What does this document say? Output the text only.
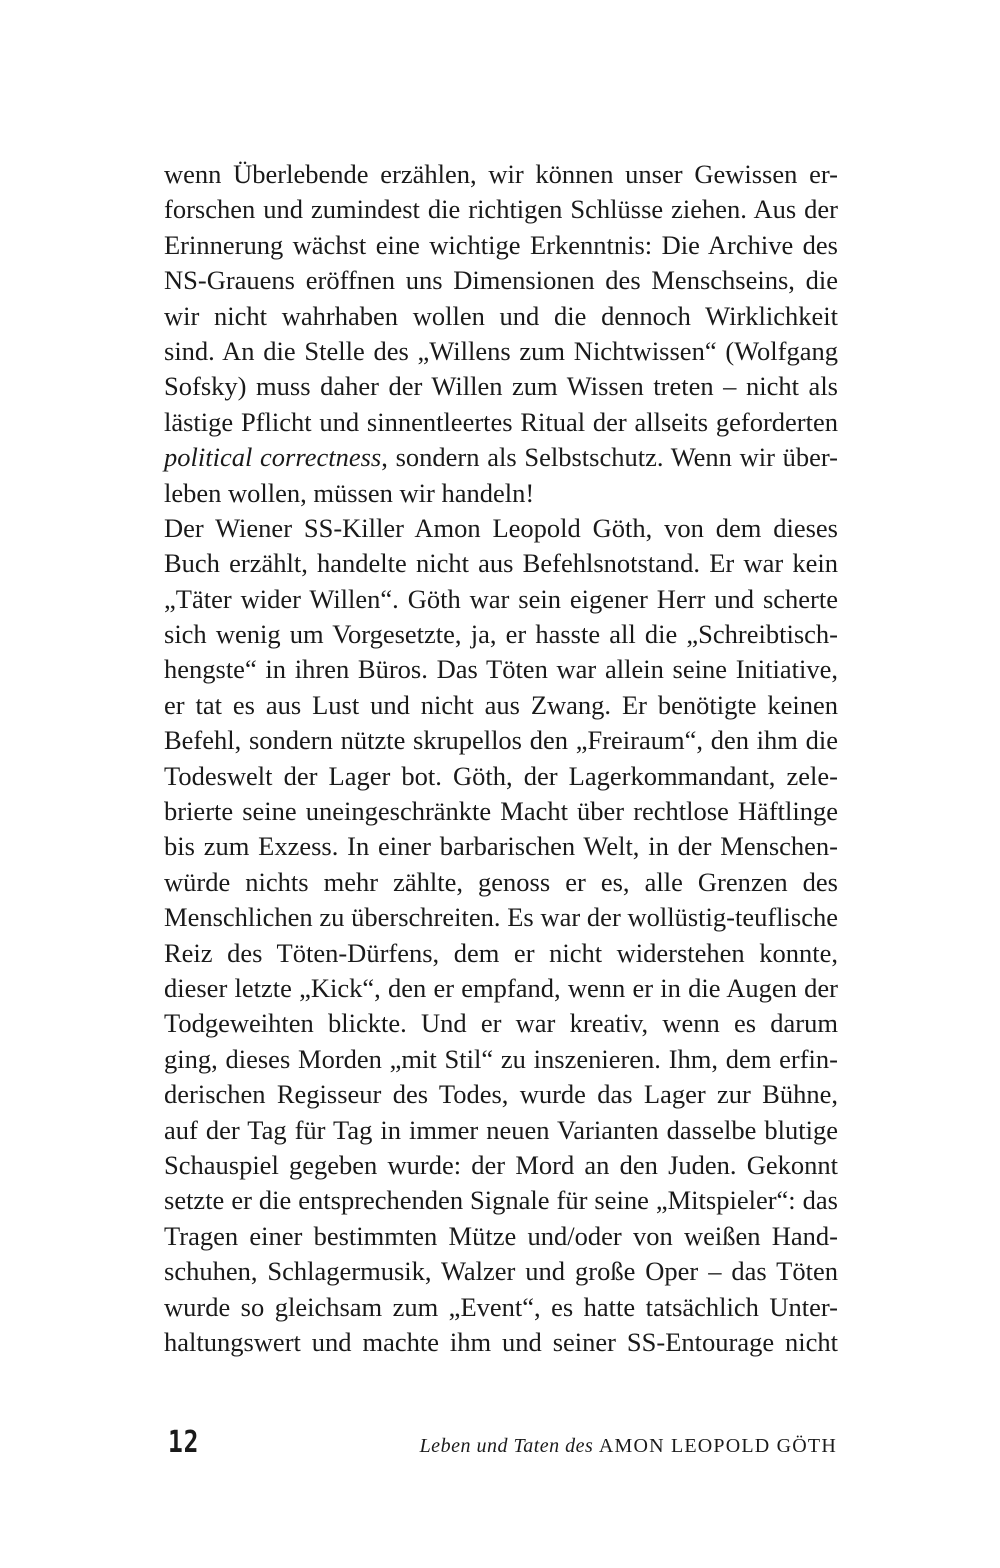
wenn Überlebende erzählen, wir können unser Gewissen er-
forschen und zumindest die richtigen Schlüsse ziehen. Aus der
Erinnerung wächst eine wichtige Erkenntnis: Die Archive des
NS-Grauens eröffnen uns Dimensionen des Menschseins, die
wir nicht wahrhaben wollen und die dennoch Wirklichkeit
sind. An die Stelle des „Willens zum Nichtwissen“ (Wolfgang
Sofsky) muss daher der Willen zum Wissen treten – nicht als
lästige Pflicht und sinnentleertes Ritual der allseits geforderten
political correctness, sondern als Selbstschutz. Wenn wir über-
leben wollen, müssen wir handeln!
Der Wiener SS-Killer Amon Leopold Göth, von dem dieses
Buch erzählt, handelte nicht aus Befehlsnotstand. Er war kein
„Täter wider Willen“. Göth war sein eigener Herr und scherte
sich wenig um Vorgesetzte, ja, er hasste all die „Schreibtisch-
hengste“ in ihren Büros. Das Töten war allein seine Initiative,
er tat es aus Lust und nicht aus Zwang. Er benötigte keinen
Befehl, sondern nützte skrupellos den „Freiraum“, den ihm die
Todeswelt der Lager bot. Göth, der Lagerkommandant, zele-
brierte seine uneingeschränkte Macht über rechtlose Häftlinge
bis zum Exzess. In einer barbarischen Welt, in der Menschen-
würde nichts mehr zählte, genoss er es, alle Grenzen des
Menschlichen zu überschreiten. Es war der wollüstig-teuflische
Reiz des Töten-Dürfens, dem er nicht widerstehen konnte,
dieser letzte „Kick“, den er empfand, wenn er in die Augen der
Todgeweihten blickte. Und er war kreativ, wenn es darum
ging, dieses Morden „mit Stil“ zu inszenieren. Ihm, dem erfin-
derischen Regisseur des Todes, wurde das Lager zur Bühne,
auf der Tag für Tag in immer neuen Varianten dasselbe blutige
Schauspiel gegeben wurde: der Mord an den Juden. Gekonnt
setzte er die entsprechenden Signale für seine „Mitspieler“: das
Tragen einer bestimmten Mütze und/oder von weißen Hand-
schuhen, Schlagermusik, Walzer und große Oper – das Töten
wurde so gleichsam zum „Event“, es hatte tatsächlich Unter-
haltungswert und machte ihm und seiner SS-Entourage nicht
12	Leben und Taten des AMON LEOPOLD GÖTH
